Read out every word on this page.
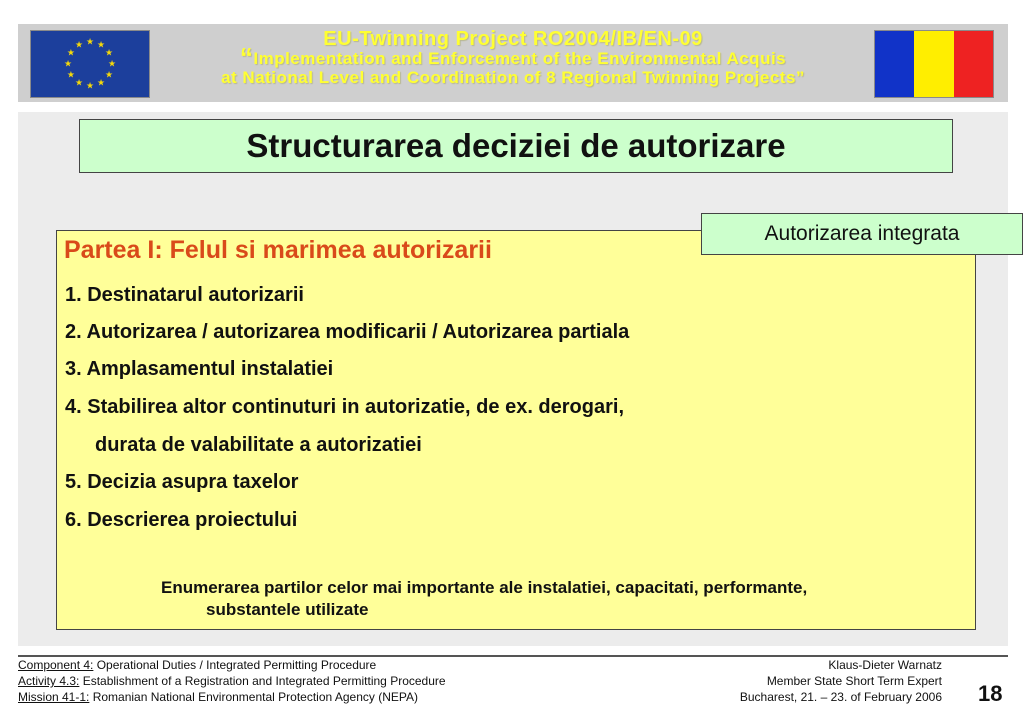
★ ★
★
★
★
★
★
★
★
★
★
★	EU-Twinning Project RO2004/IB/EN-09
“Implementation and Enforcement of the Environmental Acquis
at National Level and Coordination of 8 Regional Twinning Projects”
Structurarea deciziei de autorizare
Autorizarea integrata
Partea I: Felul si marimea autorizarii
1. Destinatarul autorizarii
2. Autorizarea / autorizarea modificarii / Autorizarea partiala
3. Amplasamentul instalatiei
4. Stabilirea altor continuturi in autorizatie, de ex. derogari,
durata de valabilitate a autorizatiei
5. Decizia asupra taxelor
6. Descrierea proiectului
Enumerarea partilor celor mai importante ale instalatiei, capacitati, performante,
substantele utilizate
Component 4: Operational Duties / Integrated Permitting Procedure
Activity 4.3: Establishment of a Registration and Integrated Permitting Procedure
Mission 41-1: Romanian National Environmental Protection Agency (NEPA)
Klaus-Dieter Warnatz
Member State Short Term Expert
Bucharest, 21. – 23. of February 2006 18
